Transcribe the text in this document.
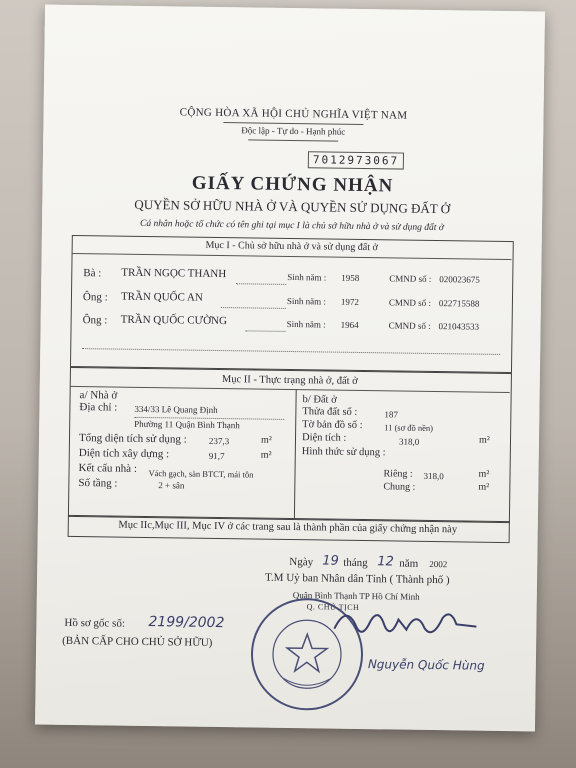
CỘNG HÒA XÃ HỘI CHỦ NGHĨA VIỆT NAM
Độc lập - Tự do - Hạnh phúc
7012973067
GIẤY CHỨNG NHẬN
QUYỀN SỞ HỮU NHÀ Ở VÀ QUYỀN SỬ DỤNG ĐẤT Ở
Cá nhân hoặc tổ chức có tên ghi tại mục I là chủ sở hữu nhà ở và sử dụng đất ở
Mục I - Chủ sở hữu nhà ở và sử dụng đất ở
Bà : TRẦN NGỌC THANH	Sinh năm : 1958	CMND số : 020023675
Ông : TRẦN QUỐC AN	Sinh năm : 1972	CMND số : 022715588
Ông : TRẦN QUỐC CƯỜNG	Sinh năm : 1964	CMND số : 021043533
Mục II - Thực trạng nhà ở, đất ở
a/ Nhà ở
Địa chỉ : 334/33 Lê Quang Định
Phường 11 Quận Bình Thạnh
Tổng diện tích sử dụng : 237,3	m²
Diện tích xây dựng :	91,7	m²
Kết cấu nhà : Vách gạch, sàn BTCT, mái tôn
Số tầng :	2 + sân
b/ Đất ở
Thửa đất số :	187
Tờ bản đồ số :	11 (sơ đồ nền)
Diện tích :	318,0	m²
Hình thức sử dụng :
Riêng : 318,0	m²
Chung :	m²
Mục IIc,Mục III, Mục IV ở các trang sau là thành phần của giấy chứng nhận này
Ngày 19 tháng 12 năm 2002
T.M Uỷ ban Nhân dân Tỉnh ( Thành phố )
Quận Bình Thạnh TP Hồ Chí Minh
Q. CHỦ TỊCH
Nguyễn Quốc Hùng
Hồ sơ gốc số: 2199/2002
(BẢN CẤP CHO CHỦ SỞ HỮU)
